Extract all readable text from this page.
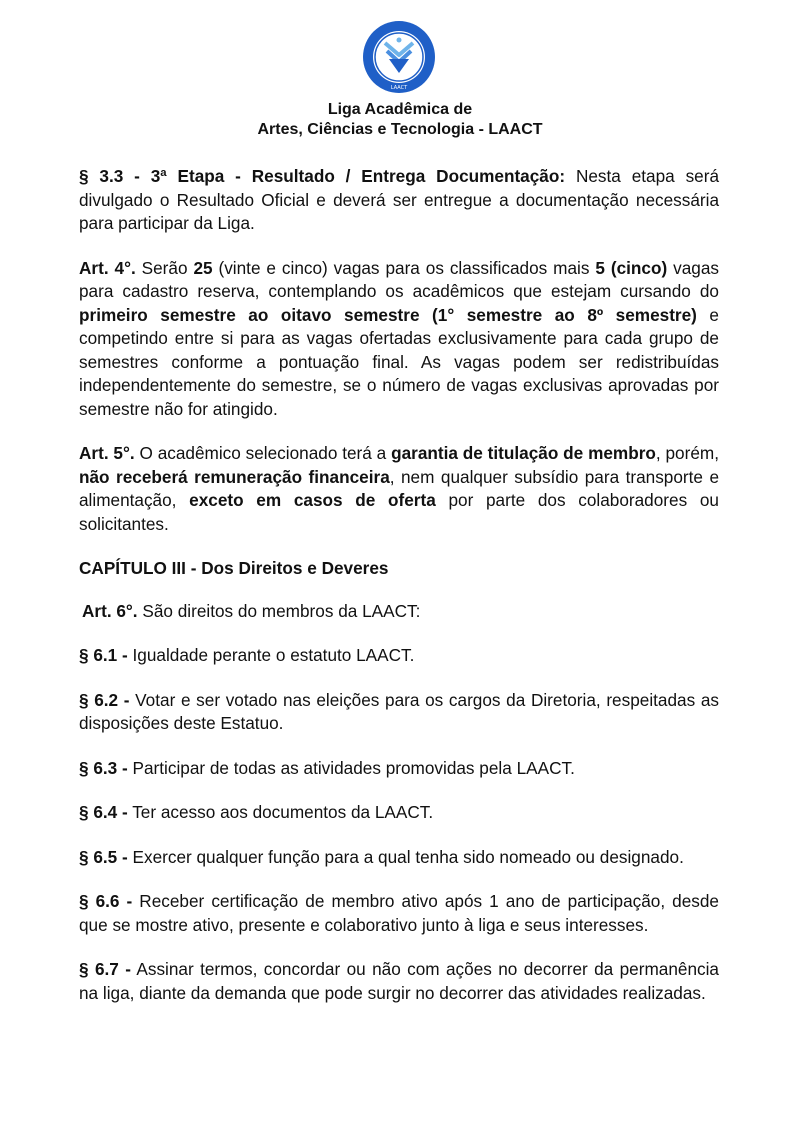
LAACT
Liga Acadêmica de
Artes, Ciências e Tecnologia - LAACT

§ 3.3 - 3ª Etapa - Resultado / Entrega Documentação: Nesta etapa será divulgado o Resultado Oficial e deverá ser entregue a documentação necessária para participar da Liga.

Art. 4°. Serão 25 (vinte e cinco) vagas para os classificados mais 5 (cinco) vagas para cadastro reserva, contemplando os acadêmicos que estejam cursando do primeiro semestre ao oitavo semestre (1° semestre ao 8º semestre) e competindo entre si para as vagas ofertadas exclusivamente para cada grupo de semestres conforme a pontuação final. As vagas podem ser redistribuídas independentemente do semestre, se o número de vagas exclusivas aprovadas por semestre não for atingido.

Art. 5°. O acadêmico selecionado terá a garantia de titulação de membro, porém, não receberá remuneração financeira, nem qualquer subsídio para transporte e alimentação, exceto em casos de oferta por parte dos colaboradores ou solicitantes.

CAPÍTULO III - Dos Direitos e Deveres

Art. 6°. São direitos do membros da LAACT:

§ 6.1 - Igualdade perante o estatuto LAACT.

§ 6.2 - Votar e ser votado nas eleições para os cargos da Diretoria, respeitadas as disposições deste Estatuo.

§ 6.3 - Participar de todas as atividades promovidas pela LAACT.

§ 6.4 - Ter acesso aos documentos da LAACT.

§ 6.5 - Exercer qualquer função para a qual tenha sido nomeado ou designado.

§ 6.6 - Receber certificação de membro ativo após 1 ano de participação, desde que se mostre ativo, presente e colaborativo junto à liga e seus interesses.

§ 6.7 - Assinar termos, concordar ou não com ações no decorrer da permanência na liga, diante da demanda que pode surgir no decorrer das atividades realizadas.
